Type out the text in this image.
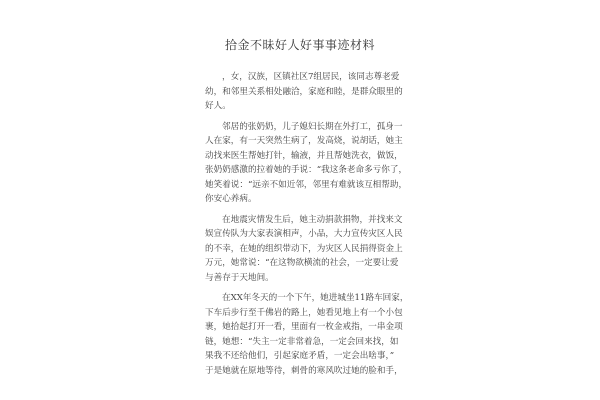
拾金不昧好人好事事迹材料
，女，汉族，区镇社区7组居民，该同志尊老爱
幼，和邻里关系相处融洽，家庭和睦，是群众眼里的
好人。
邻居的张奶奶，儿子媳妇长期在外打工，孤身一
人在家，有一天突然生病了，发高烧，说胡话，她主
动找来医生帮她打针，输液，并且帮她洗衣，做饭，
张奶奶感激的拉着她的手说：“我这条老命多亏你了，
她笑着说：“远亲不如近邻，邻里有难就该互相帮助，
你安心养病。
在地震灾情发生后，她主动捐款捐物，并找来文
娱宣传队为大家表演相声，小品，大力宣传灾区人民
的不幸，在她的组织带动下，为灾区人民捐得资金上
万元，她常说：“在这物欲横流的社会，一定要让爱
与善存于天地间。
在XX年冬天的一个下午，她进城坐11路车回家，
下车后步行至千佛岩的路上，她看见地上有一个小包
裹，她拾起打开一看，里面有一枚金戒指，一串金项
链，她想：“失主一定非常着急，一定会回来找，如
果我不还给他们，引起家庭矛盾，一定会出啥事，”
于是她就在原地等待，刺骨的寒风吹过她的脸和手，
